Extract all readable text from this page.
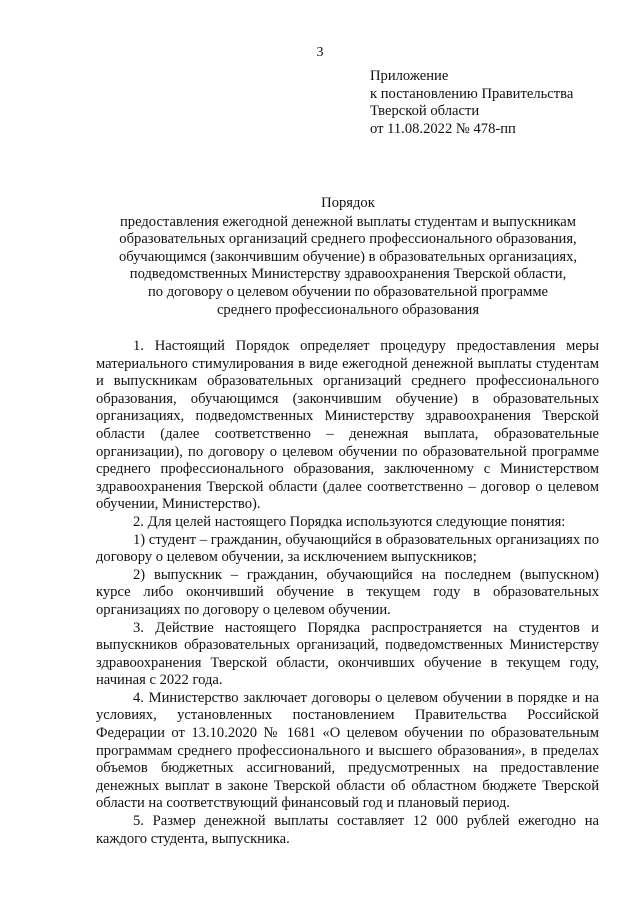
3
Приложение
к постановлению Правительства
Тверской области
от 11.08.2022 № 478-пп
Порядок
предоставления ежегодной денежной выплаты студентам и выпускникам
образовательных организаций среднего профессионального образования,
обучающимся (закончившим обучение) в образовательных организациях,
подведомственных Министерству здравоохранения Тверской области,
по договору о целевом обучении по образовательной программе
среднего профессионального образования

1. Настоящий Порядок определяет процедуру предоставления меры материального стимулирования в виде ежегодной денежной выплаты студентам и выпускникам образовательных организаций среднего профессионального образования, обучающимся (закончившим обучение) в образовательных организациях, подведомственных Министерству здравоохранения Тверской области (далее соответственно – денежная выплата, образовательные организации), по договору о целевом обучении по образовательной программе среднего профессионального образования, заключенному с Министерством здравоохранения Тверской области (далее соответственно – договор о целевом обучении, Министерство).

2. Для целей настоящего Порядка используются следующие понятия:

1) студент – гражданин, обучающийся в образовательных организациях по договору о целевом обучении, за исключением выпускников;

2) выпускник – гражданин, обучающийся на последнем (выпускном) курсе либо окончивший обучение в текущем году в образовательных организациях по договору о целевом обучении.

3. Действие настоящего Порядка распространяется на студентов и выпускников образовательных организаций, подведомственных Министерству здравоохранения Тверской области, окончивших обучение в текущем году, начиная с 2022 года.

4. Министерство заключает договоры о целевом обучении в порядке и на условиях, установленных постановлением Правительства Российской Федерации от 13.10.2020 № 1681 «О целевом обучении по образовательным программам среднего профессионального и высшего образования», в пределах объемов бюджетных ассигнований, предусмотренных на предоставление денежных выплат в законе Тверской области об областном бюджете Тверской области на соответствующий финансовый год и плановый период.

5. Размер денежной выплаты составляет 12 000 рублей ежегодно на каждого студента, выпускника.
